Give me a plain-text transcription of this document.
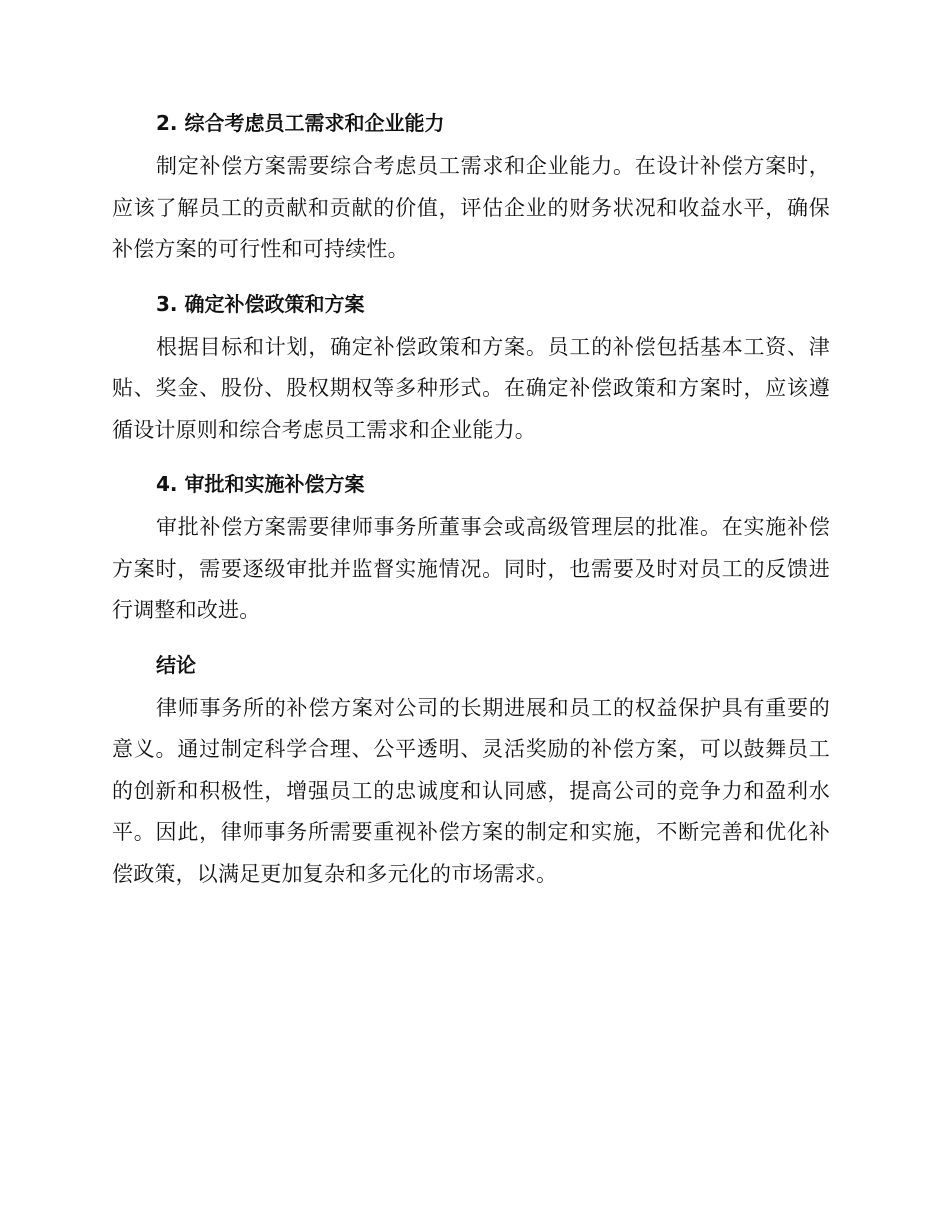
2. 综合考虑员工需求和企业能力

制定补偿方案需要综合考虑员工需求和企业能力。在设计补偿方案时，应该了解员工的贡献和贡献的价值，评估企业的财务状况和收益水平，确保补偿方案的可行性和可持续性。

3. 确定补偿政策和方案

根据目标和计划，确定补偿政策和方案。员工的补偿包括基本工资、津贴、奖金、股份、股权期权等多种形式。在确定补偿政策和方案时，应该遵循设计原则和综合考虑员工需求和企业能力。

4. 审批和实施补偿方案

审批补偿方案需要律师事务所董事会或高级管理层的批准。在实施补偿方案时，需要逐级审批并监督实施情况。同时，也需要及时对员工的反馈进行调整和改进。

结论

律师事务所的补偿方案对公司的长期进展和员工的权益保护具有重要的意义。通过制定科学合理、公平透明、灵活奖励的补偿方案，可以鼓舞员工的创新和积极性，增强员工的忠诚度和认同感，提高公司的竞争力和盈利水平。因此，律师事务所需要重视补偿方案的制定和实施，不断完善和优化补偿政策，以满足更加复杂和多元化的市场需求。
